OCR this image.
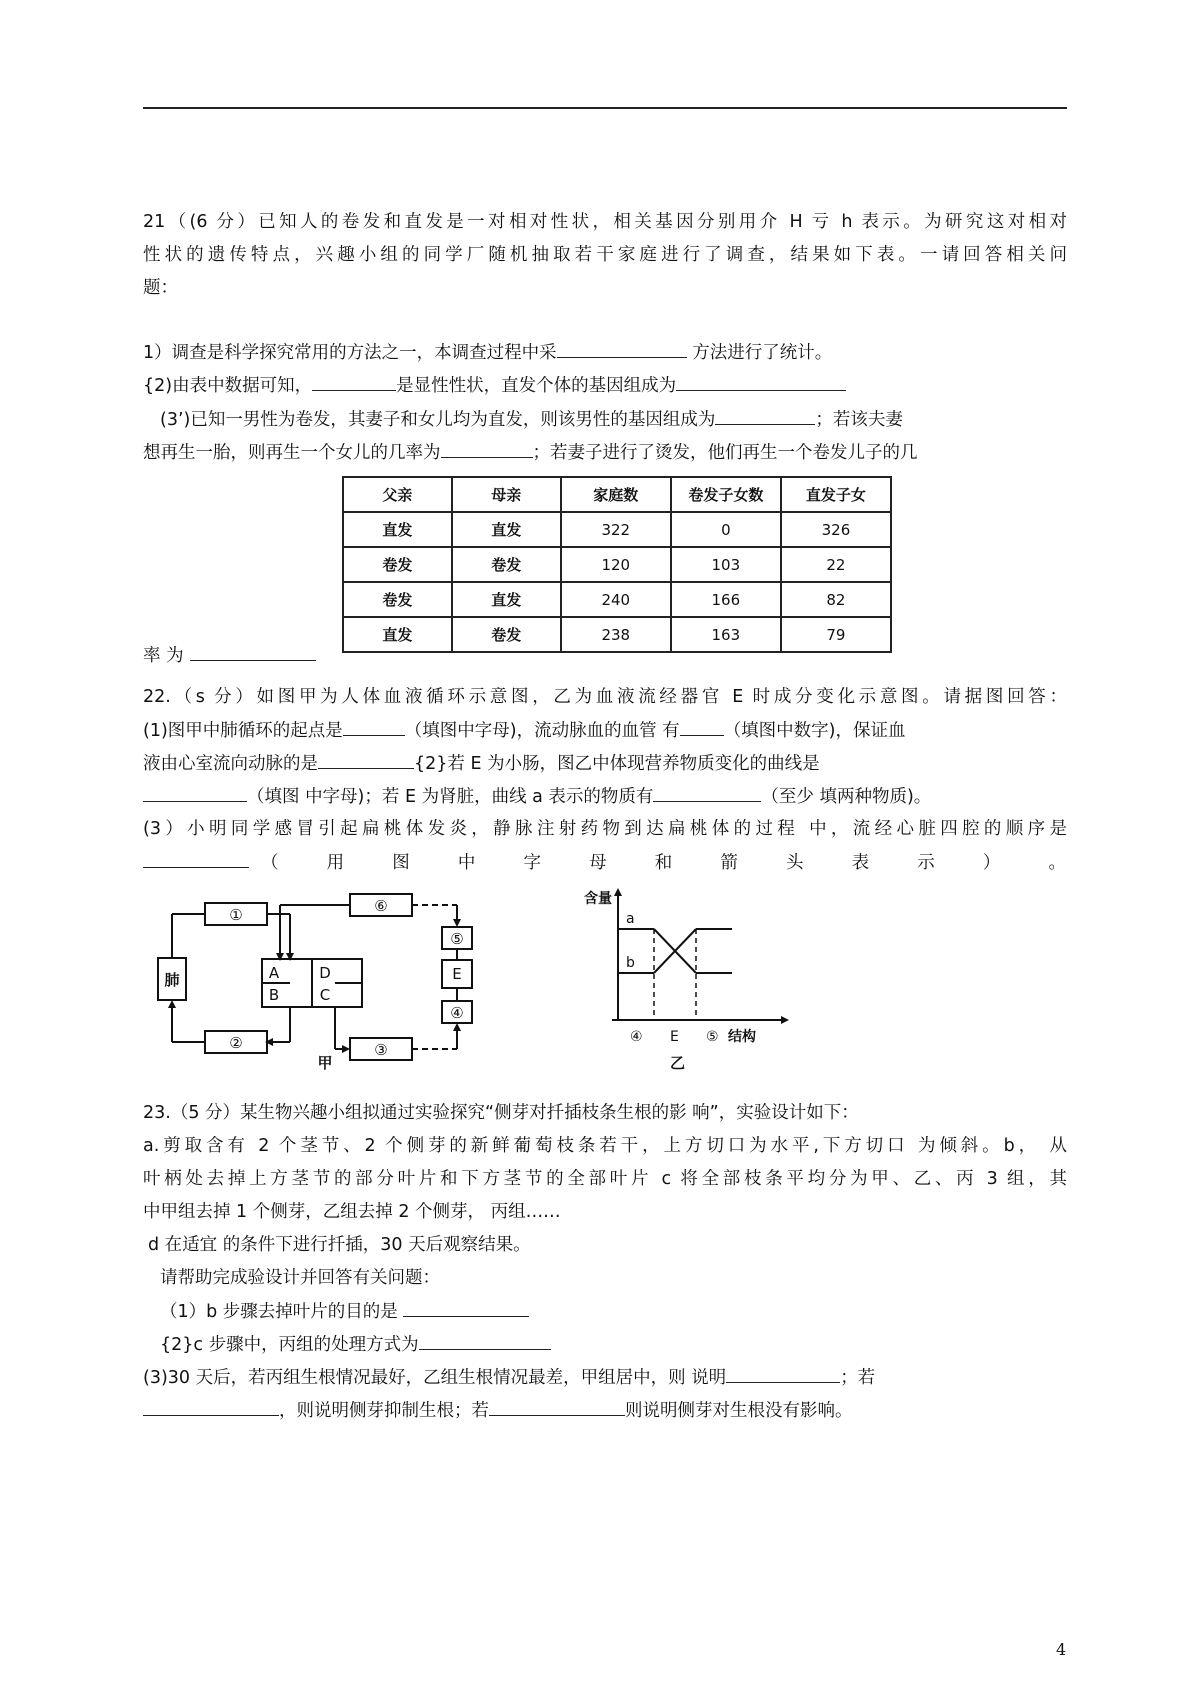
21（(6 分）已知人的卷发和直发是一对相对性状，相关基因分别用介 H 亏 h 表示。为研究这对相对
性状的遗传特点，兴趣小组的同学厂随机抽取若干家庭进行了调查，结果如下表。一请回答相关问
题：
1）调查是科学探究常用的方法之一，本调查过程中采	方法进行了统计。
{2)由表中数据可知，	是显性性状，直发个体的基因组成为
(3’)已知一男性为卷发，其妻子和女儿均为直发，则该男性的基因组成为	；若该夫妻
想再生一胎，则再生一个女儿的几率为	；若妻子进行了烫发，他们再生一个卷发儿子的几
率 为
父亲	母亲	家庭数	卷发子女数	直发子女
直发	直发	322	0	326
卷发	卷发	120	103	22
卷发	直发	240	166	82
直发	卷发	238	163	79
22.（s 分）如图甲为人体血液循环示意图，乙为血液流经器官 E 时成分变化示意图。请据图回答：
(1)图甲中肺循环的起点是	（填图中字母)，流动脉血的血管 有	（填图中数字)，保证血
液由心室流向动脉的是	{2}若 E 为小肠，图乙中体现营养物质变化的曲线是
（填图 中字母)；若 E 为肾脏，曲线 a 表示的物质有	（至少 填两种物质)。
(3）小明同学感冒引起扁桃体发炎，静脉注射药物到达扁桃体的过程 中，流经心脏四腔的顺序是
（ 用 图 中 字 母 和 箭 头 表 示 ） 。
肺
①
②
⑥
③
⑤
E
④
A
B
D
C
甲
含量
a
b
④ E ⑤ 结构
乙
23.（5 分）某生物兴趣小组拟通过实验探究“侧芽对扦插枝条生根的影 响”，实验设计如下：
a.剪取含有 2 个茎节、2 个侧芽的新鲜葡萄枝条若干，上方切口为水平,下方切口 为倾斜。b， 从
叶柄处去掉上方茎节的部分叶片和下方茎节的全部叶片 c 将全部枝条平均分为甲、乙、丙 3 组，其
中甲组去掉 1 个侧芽，乙组去掉 2 个侧芽， 丙组……
d 在适宜 的条件下进行扦插，30 天后观察结果。
请帮助完成验设计并回答有关问题：
（1）b 步骤去掉叶片的目的是
{2}c 步骤中，丙组的处理方式为
(3)30 天后，若丙组生根情况最好，乙组生根情况最差，甲组居中，则 说明	；若
，则说明侧芽抑制生根；若	则说明侧芽对生根没有影响。
4
